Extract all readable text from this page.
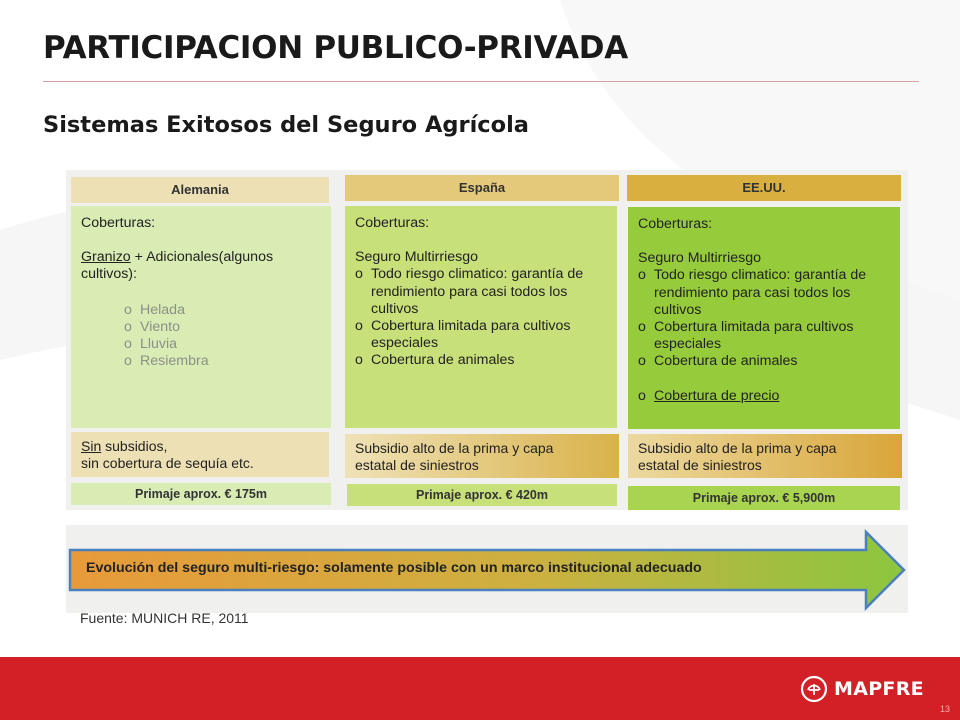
PARTICIPACION PUBLICO-PRIVADA
Sistemas Exitosos del Seguro Agrícola
Alemania
Coberturas:
Granizo + Adicionales(algunos cultivos):
o Helada
o Viento
o Lluvia
o Resiembra
Sin subsidios,
sin cobertura de sequía etc.
Primaje aprox. € 175m
España
Coberturas:
Seguro Multirriesgo
o Todo riesgo climatico: garantía de rendimiento para casi todos los cultivos
o Cobertura limitada para cultivos especiales
o Cobertura de animales
Subsidio alto de la prima y capa estatal de siniestros
Primaje aprox. € 420m
EE.UU.
Coberturas:
Seguro Multirriesgo
o Todo riesgo climatico: garantía de rendimiento para casi todos los cultivos
o Cobertura limitada para cultivos especiales
o Cobertura de animales
o Cobertura de precio
Subsidio alto de la prima y capa estatal de siniestros
Primaje aprox. € 5,900m
Evolución del seguro multi-riesgo: solamente posible con un marco institucional adecuado
Fuente: MUNICH RE, 2011
MAPFRE
13
